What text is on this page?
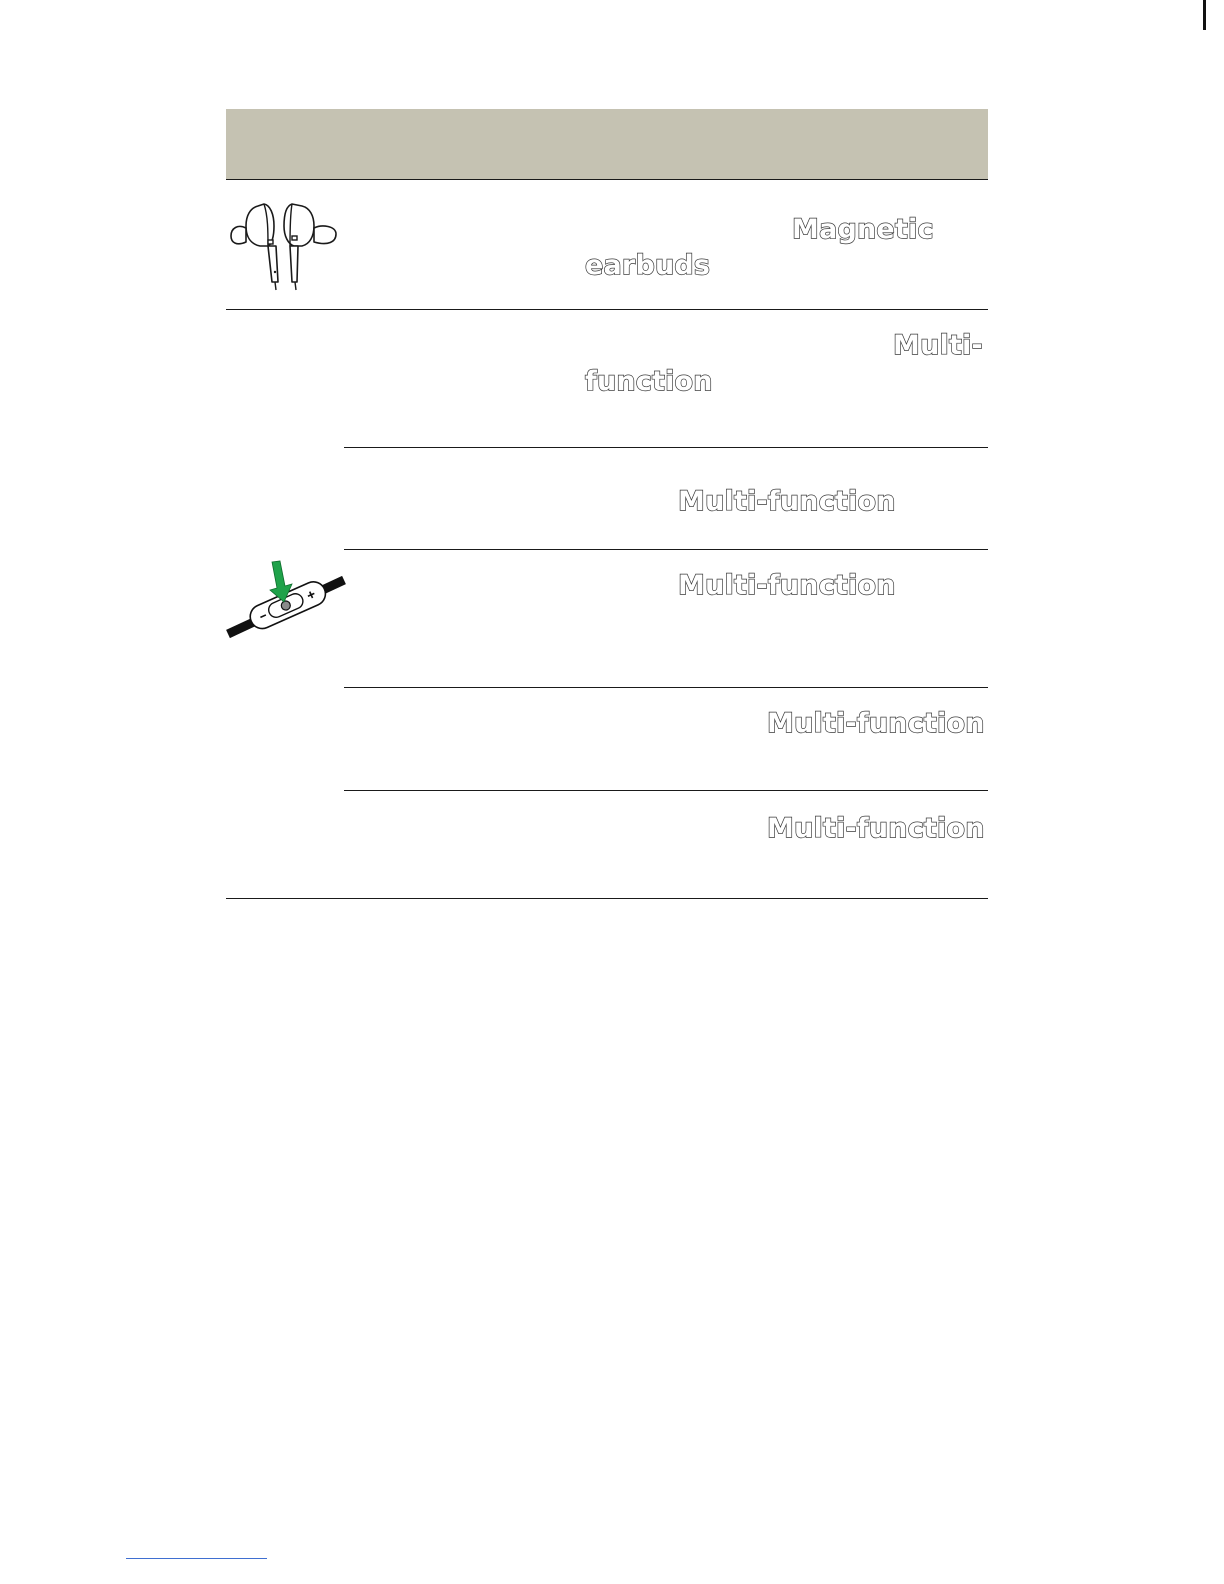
Magnetic
earbuds
Multi-
function
Multi-function
Multi-function
Multi-function
Multi-function
